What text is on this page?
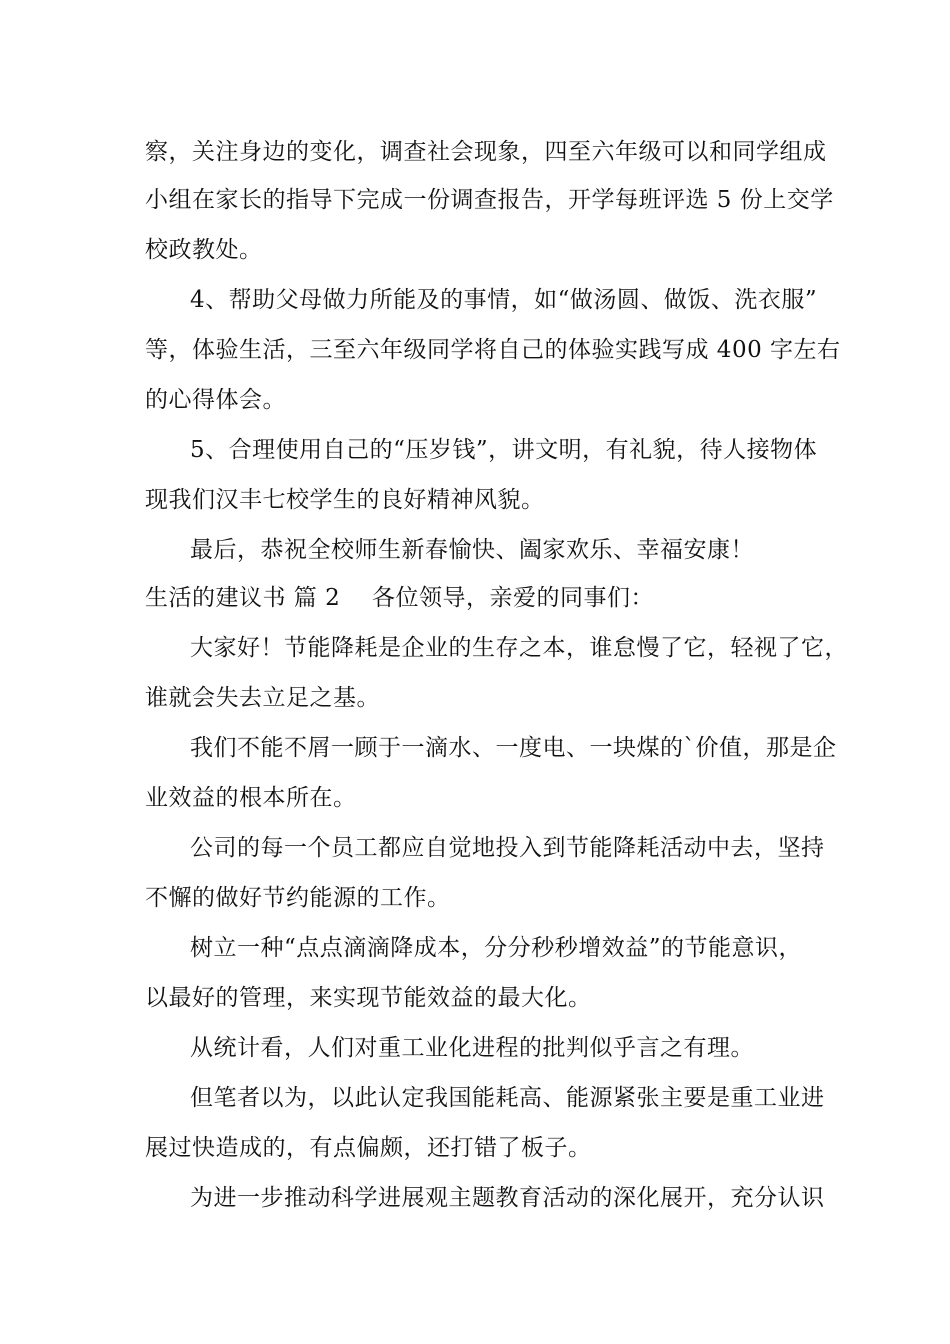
察，关注身边的变化，调查社会现象，四至六年级可以和同学组成
小组在家长的指导下完成一份调查报告，开学每班评选 5 份上交学
校政教处。
4、帮助父母做力所能及的事情，如“做汤圆、做饭、洗衣服”
等，体验生活，三至六年级同学将自己的体验实践写成 400 字左右
的心得体会。
5、合理使用自己的“压岁钱”，讲文明，有礼貌，待人接物体
现我们汉丰七校学生的良好精神风貌。
最后，恭祝全校师生新春愉快、阖家欢乐、幸福安康！
生活的建议书 篇 2 各位领导，亲爱的同事们：
大家好！节能降耗是企业的生存之本，谁怠慢了它，轻视了它，
谁就会失去立足之基。
我们不能不屑一顾于一滴水、一度电、一块煤的`价值，那是企
业效益的根本所在。
公司的每一个员工都应自觉地投入到节能降耗活动中去，坚持
不懈的做好节约能源的工作。
树立一种“点点滴滴降成本，分分秒秒增效益”的节能意识，
以最好的管理，来实现节能效益的最大化。
从统计看，人们对重工业化进程的批判似乎言之有理。
但笔者以为，以此认定我国能耗高、能源紧张主要是重工业进
展过快造成的，有点偏颇，还打错了板子。
为进一步推动科学进展观主题教育活动的深化展开，充分认识
